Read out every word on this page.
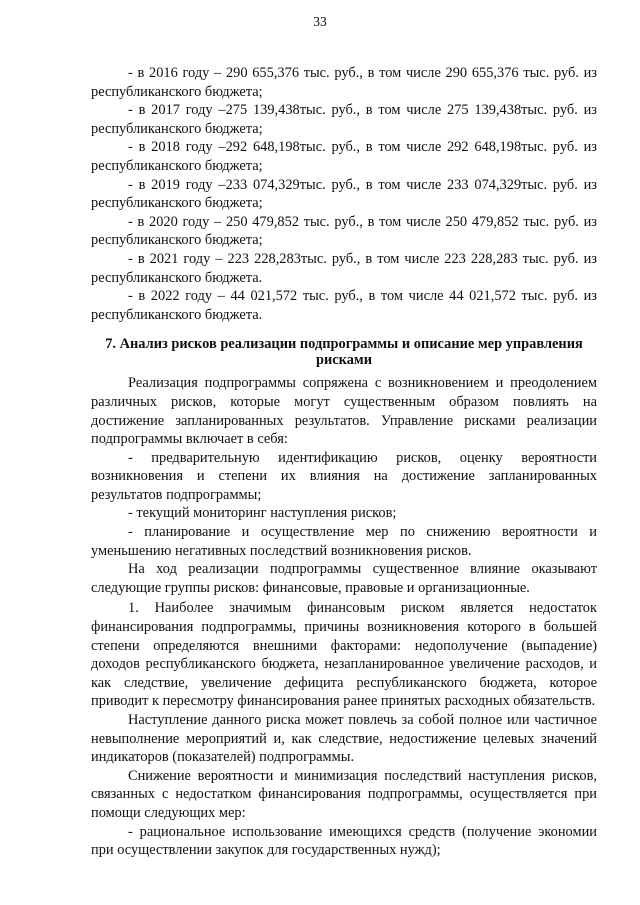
33

- в 2016 году – 290 655,376 тыс. руб., в том числе 290 655,376 тыс. руб. из республиканского бюджета;

- в 2017 году –275 139,438тыс. руб., в том числе 275 139,438тыс. руб. из республиканского бюджета;

- в 2018 году –292 648,198тыс. руб., в том числе 292 648,198тыс. руб. из республиканского бюджета;

- в 2019 году –233 074,329тыс. руб., в том числе 233 074,329тыс. руб. из республиканского бюджета;

- в 2020 году – 250 479,852 тыс. руб., в том числе 250 479,852 тыс. руб. из республиканского бюджета;

- в 2021 году – 223 228,283тыс. руб., в том числе 223 228,283 тыс. руб. из республиканского бюджета.

- в 2022 году – 44 021,572 тыс. руб., в том числе 44 021,572 тыс. руб. из республиканского бюджета.

7. Анализ рисков реализации подпрограммы и описание мер управления рисками

Реализация подпрограммы сопряжена с возникновением и преодолением различных рисков, которые могут существенным образом повлиять на достижение запланированных результатов. Управление рисками реализации подпрограммы включает в себя:

- предварительную идентификацию рисков, оценку вероятности возникновения и степени их влияния на достижение запланированных результатов подпрограммы;

- текущий мониторинг наступления рисков;

- планирование и осуществление мер по снижению вероятности и уменьшению негативных последствий возникновения рисков.

На ход реализации подпрограммы существенное влияние оказывают следующие группы рисков: финансовые, правовые и организационные.

1. Наиболее значимым финансовым риском является недостаток финансирования подпрограммы, причины возникновения которого в большей степени определяются внешними факторами: недополучение (выпадение) доходов республиканского бюджета, незапланированное увеличение расходов, и как следствие, увеличение дефицита республиканского бюджета, которое приводит к пересмотру финансирования ранее принятых расходных обязательств.

Наступление данного риска может повлечь за собой полное или частичное невыполнение мероприятий и, как следствие, недостижение целевых значений индикаторов (показателей) подпрограммы.

Снижение вероятности и минимизация последствий наступления рисков, связанных с недостатком финансирования подпрограммы, осуществляется при помощи следующих мер:

- рациональное использование имеющихся средств (получение экономии при осуществлении закупок для государственных нужд);
